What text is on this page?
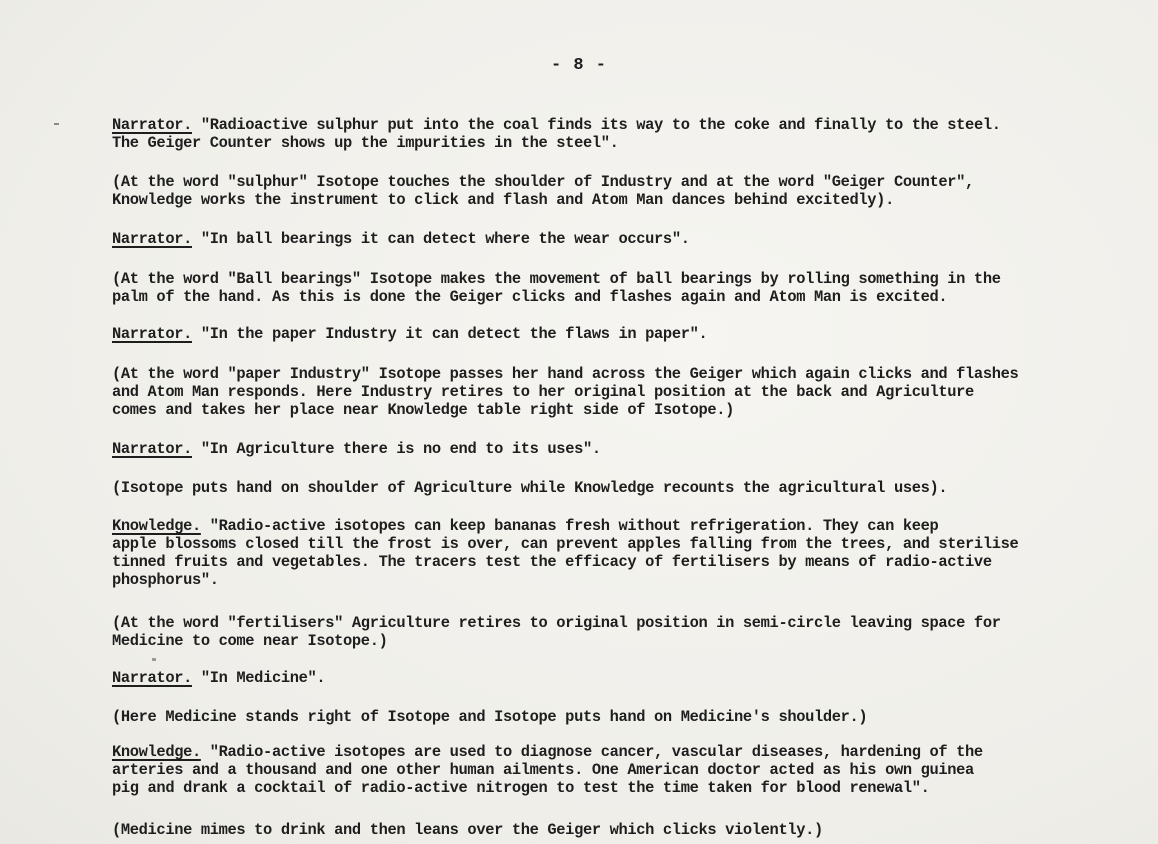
- 8 -
Narrator. "Radioactive sulphur put into the coal finds its way to the coke and finally to the steel.
The Geiger Counter shows up the impurities in the steel".
(At the word "sulphur" Isotope touches the shoulder of Industry and at the word "Geiger Counter",
Knowledge works the instrument to click and flash and Atom Man dances behind excitedly).
Narrator. "In ball bearings it can detect where the wear occurs".
(At the word "Ball bearings" Isotope makes the movement of ball bearings by rolling something in the
palm of the hand. As this is done the Geiger clicks and flashes again and Atom Man is excited.
Narrator. "In the paper Industry it can detect the flaws in paper".
(At the word "paper Industry" Isotope passes her hand across the Geiger which again clicks and flashes
and Atom Man responds. Here Industry retires to her original position at the back and Agriculture
comes and takes her place near Knowledge table right side of Isotope.)
Narrator. "In Agriculture there is no end to its uses".
(Isotope puts hand on shoulder of Agriculture while Knowledge recounts the agricultural uses).
Knowledge. "Radio-active isotopes can keep bananas fresh without refrigeration. They can keep
apple blossoms closed till the frost is over, can prevent apples falling from the trees, and sterilise
tinned fruits and vegetables. The tracers test the efficacy of fertilisers by means of radio-active
phosphorus".
(At the word "fertilisers" Agriculture retires to original position in semi-circle leaving space for
Medicine to come near Isotope.)
Narrator. "In Medicine".
(Here Medicine stands right of Isotope and Isotope puts hand on Medicine's shoulder.)
Knowledge. "Radio-active isotopes are used to diagnose cancer, vascular diseases, hardening of the
arteries and a thousand and one other human ailments. One American doctor acted as his own guinea
pig and drank a cocktail of radio-active nitrogen to test the time taken for blood renewal".
(Medicine mimes to drink and then leans over the Geiger which clicks violently.)
